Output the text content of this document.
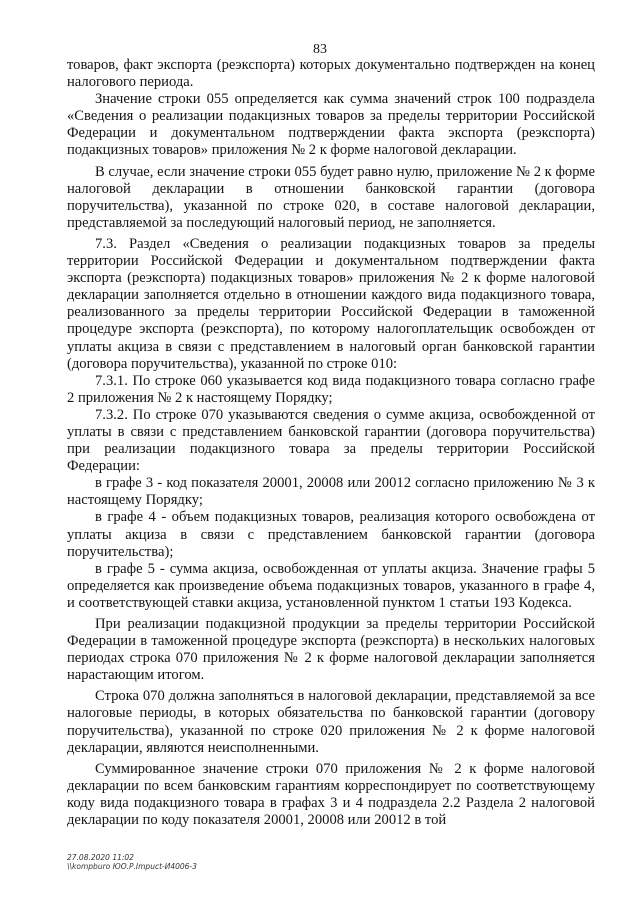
83

товаров, факт экспорта (реэкспорта) которых документально подтвержден на конец налогового периода.

Значение строки 055 определяется как сумма значений строк 100 подраздела «Сведения о реализации подакцизных товаров за пределы территории Российской Федерации и документальном подтверждении факта экспорта (реэкспорта) подакцизных товаров» приложения № 2 к форме налоговой декларации.

В случае, если значение строки 055 будет равно нулю, приложение № 2 к форме налоговой декларации в отношении банковской гарантии (договора поручительства), указанной по строке 020, в составе налоговой декларации, представляемой за последующий налоговый период, не заполняется.

7.3. Раздел «Сведения о реализации подакцизных товаров за пределы территории Российской Федерации и документальном подтверждении факта экспорта (реэкспорта) подакцизных товаров» приложения № 2 к форме налоговой декларации заполняется отдельно в отношении каждого вида подакцизного товара, реализованного за пределы территории Российской Федерации в таможенной процедуре экспорта (реэкспорта), по которому налогоплательщик освобожден от уплаты акциза в связи с представлением в налоговый орган банковской гарантии (договора поручительства), указанной по строке 010:

7.3.1. По строке 060 указывается код вида подакцизного товара согласно графе 2 приложения № 2 к настоящему Порядку;

7.3.2. По строке 070 указываются сведения о сумме акциза, освобожденной от уплаты в связи с представлением банковской гарантии (договора поручительства) при реализации подакцизного товара за пределы территории Российской Федерации:

в графе 3 - код показателя 20001, 20008 или 20012 согласно приложению № 3 к настоящему Порядку;

в графе 4 - объем подакцизных товаров, реализация которого освобождена от уплаты акциза в связи с представлением банковской гарантии (договора поручительства);

в графе 5 - сумма акциза, освобожденная от уплаты акциза. Значение графы 5 определяется как произведение объема подакцизных товаров, указанного в графе 4, и соответствующей ставки акциза, установленной пунктом 1 статьи 193 Кодекса.

При реализации подакцизной продукции за пределы территории Российской Федерации в таможенной процедуре экспорта (реэкспорта) в нескольких налоговых периодах строка 070 приложения № 2 к форме налоговой декларации заполняется нарастающим итогом.

Строка 070 должна заполняться в налоговой декларации, представляемой за все налоговые периоды, в которых обязательства по банковской гарантии (договору поручительства), указанной по строке 020 приложения № 2 к форме налоговой декларации, являются неисполненными.

Суммированное значение строки 070 приложения № 2 к форме налоговой декларации по всем банковским гарантиям корреспондирует по соответствующему коду вида подакцизного товара в графах 3 и 4 подраздела 2.2 Раздела 2 налоговой декларации по коду показателя 20001, 20008 или 20012 в той

27.08.2020 11:02
\\kompburo ЮО.Р.Impuct-И4006-3
